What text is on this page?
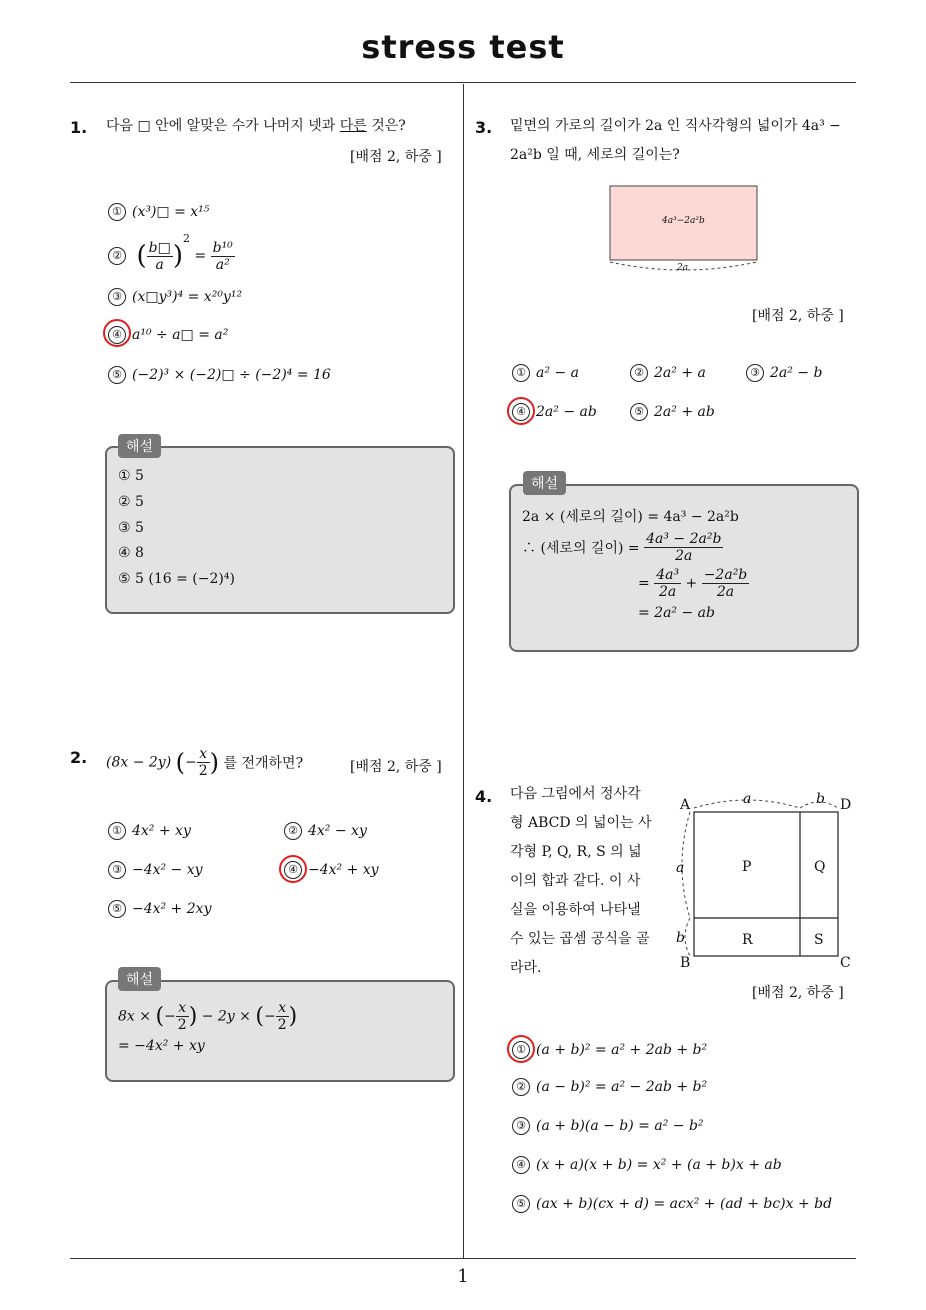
stress test
1
1. 다음 □ 안에 알맞은 수가 나머지 넷과 다른 것은?
[배점 2, 하중 ]
① (x³)□ = x¹⁵
② ( $\frac{b□}{a} )^2 = \frac{\text{b¹⁰}}{\text{a²}}$
③ (x□y³)⁴ = x²⁰y¹²
④ a¹⁰ ÷ a□ = a²
⑤ (−2)³ × (−2)□ ÷ (−2)⁴ = 16
해설
① 5
② 5
③ 5
④ 8
⑤ 5 (16 = (−2)⁴)
2. (8x − 2y) (− $\frac{x}{2}$ ) 를 전개하면?	[배점 2, 하중 ]
① 4x² + xy	② 4x² − xy
③ −4x² − xy	④ −4x² + xy
⑤ −4x² + 2xy
해설
8x × (− $\frac{x}{2}$ ) − 2y × (− $\frac{x}{2}$ )
= −4x² + xy
3. 밑면의 가로의 길이가 2a 인 직사각형의 넓이가 4a³ −
2a²b 일 때, 세로의 길이는?
4a³−2a²b
2a
[배점 2, 하중 ]
① a² − a	② 2a² + a	③ 2a² − b
④ 2a² − ab	⑤ 2a² + ab
해설
2a × (세로의 길이) = 4a³ − 2a²b
∴ (세로의 길이) = $\frac{\text{4a³ − 2a²b}}{2a}$
= $\frac{\text{4a³}}{2a} + \frac{\text{−2a²b}}{2a}$
= 2a² − ab
4. 다음 그림에서 정사각
형 ABCD 의 넓이는 사
각형 P, Q, R, S 의 넓
이의 합과 같다. 이 사
실을 이용하여 나타낼
수 있는 곱셈 공식을 골
라라.
A	D
B	C
a	b
a
b
P	Q
R	S
[배점 2, 하중 ]
① (a + b)² = a² + 2ab + b²
② (a − b)² = a² − 2ab + b²
③ (a + b)(a − b) = a² − b²
④ (x + a)(x + b) = x² + (a + b)x + ab
⑤ (ax + b)(cx + d) = acx² + (ad + bc)x + bd
